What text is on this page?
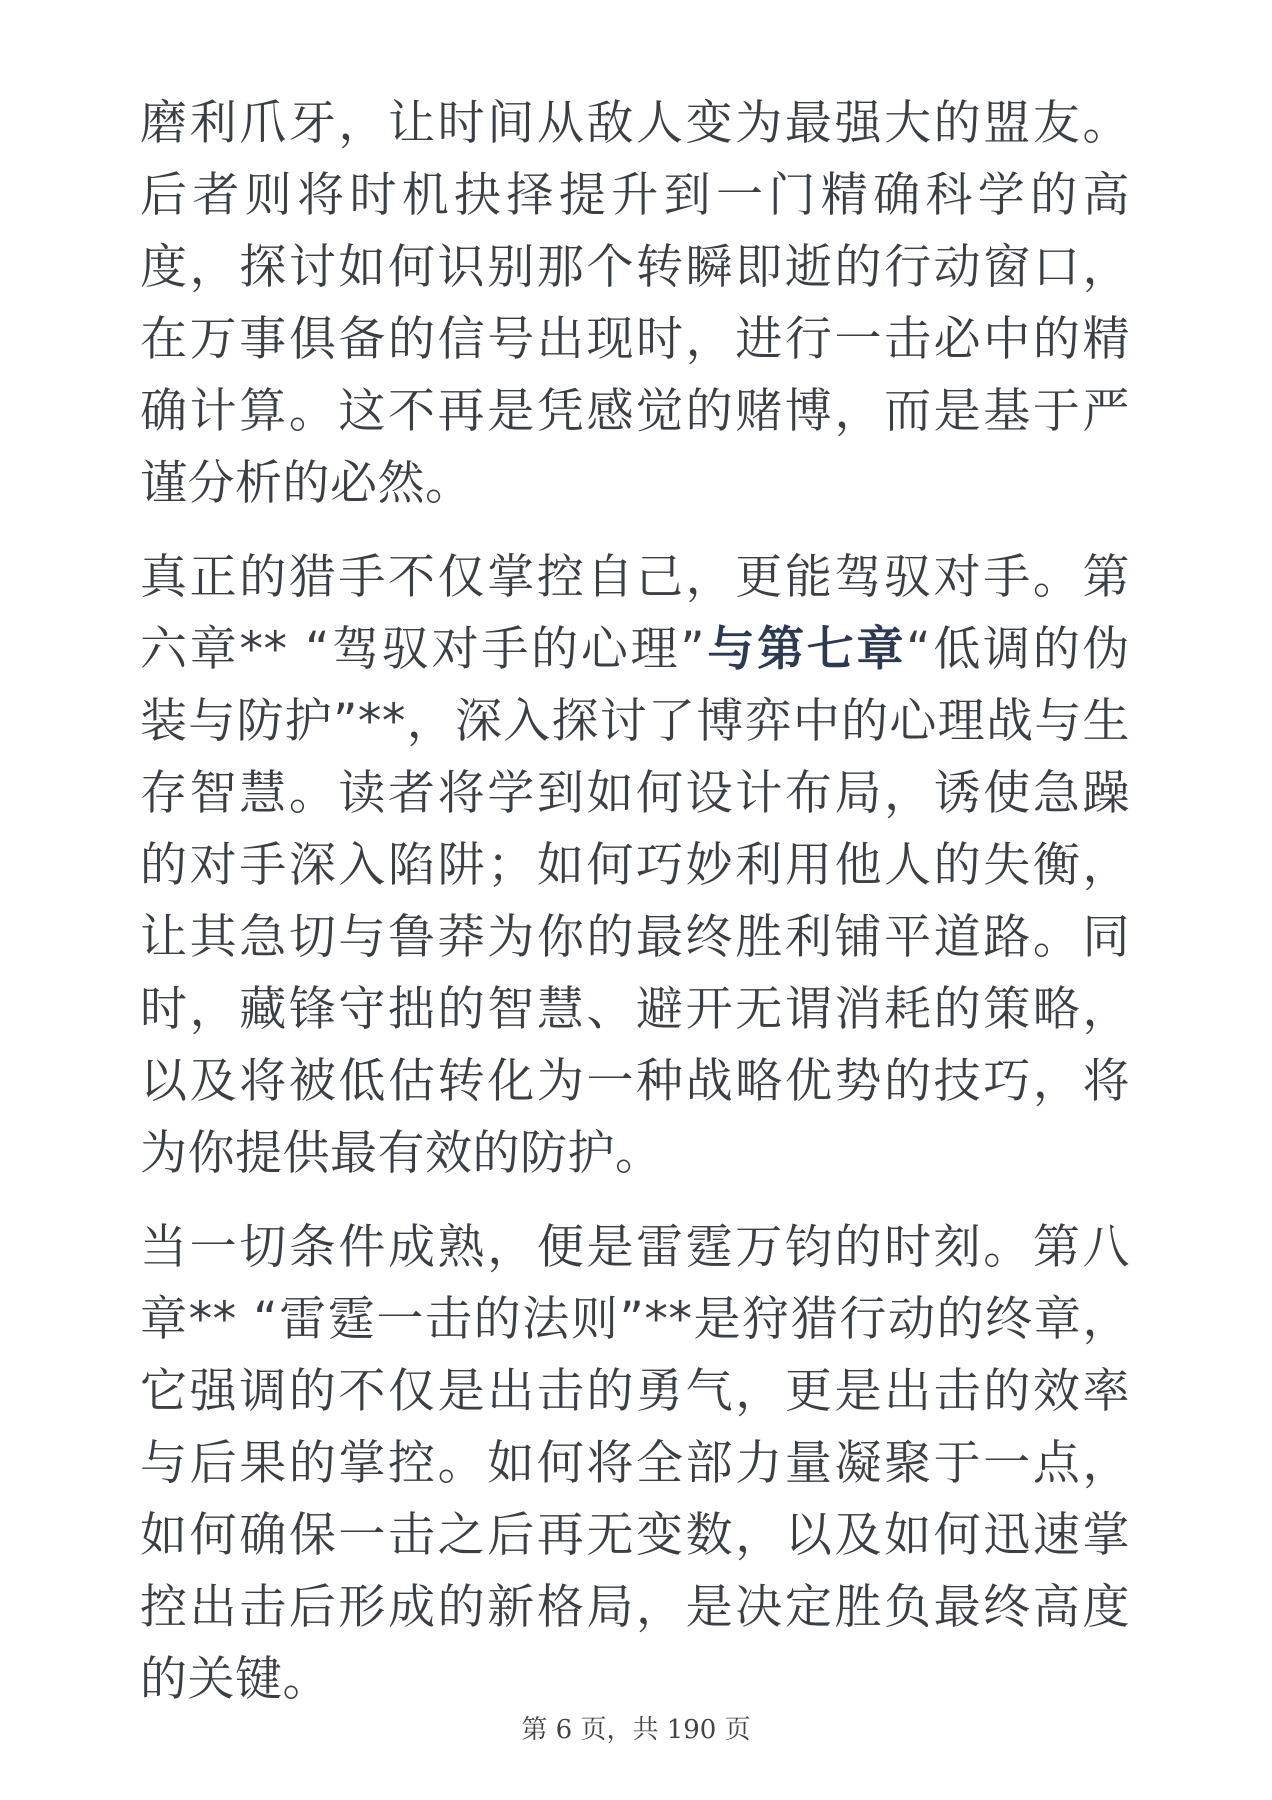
磨利爪牙，让时间从敌人变为最强大的盟友。后者则将时机抉择提升到一门精确科学的高度，探讨如何识别那个转瞬即逝的行动窗口，在万事俱备的信号出现时，进行一击必中的精确计算。这不再是凭感觉的赌博，而是基于严谨分析的必然。

真正的猎手不仅掌控自己，更能驾驭对手。第六章** “驾驭对手的心理”与第七章“低调的伪装与防护”**，深入探讨了博弈中的心理战与生存智慧。读者将学到如何设计布局，诱使急躁的对手深入陷阱；如何巧妙利用他人的失衡，让其急切与鲁莽为你的最终胜利铺平道路。同时，藏锋守拙的智慧、避开无谓消耗的策略，以及将被低估转化为一种战略优势的技巧，将为你提供最有效的防护。

当一切条件成熟，便是雷霆万钧的时刻。第八章** “雷霆一击的法则”**是狩猎行动的终章，它强调的不仅是出击的勇气，更是出击的效率与后果的掌控。如何将全部力量凝聚于一点，如何确保一击之后再无变数，以及如何迅速掌控出击后形成的新格局，是决定胜负最终高度的关键。

第 6 页，共 190 页
